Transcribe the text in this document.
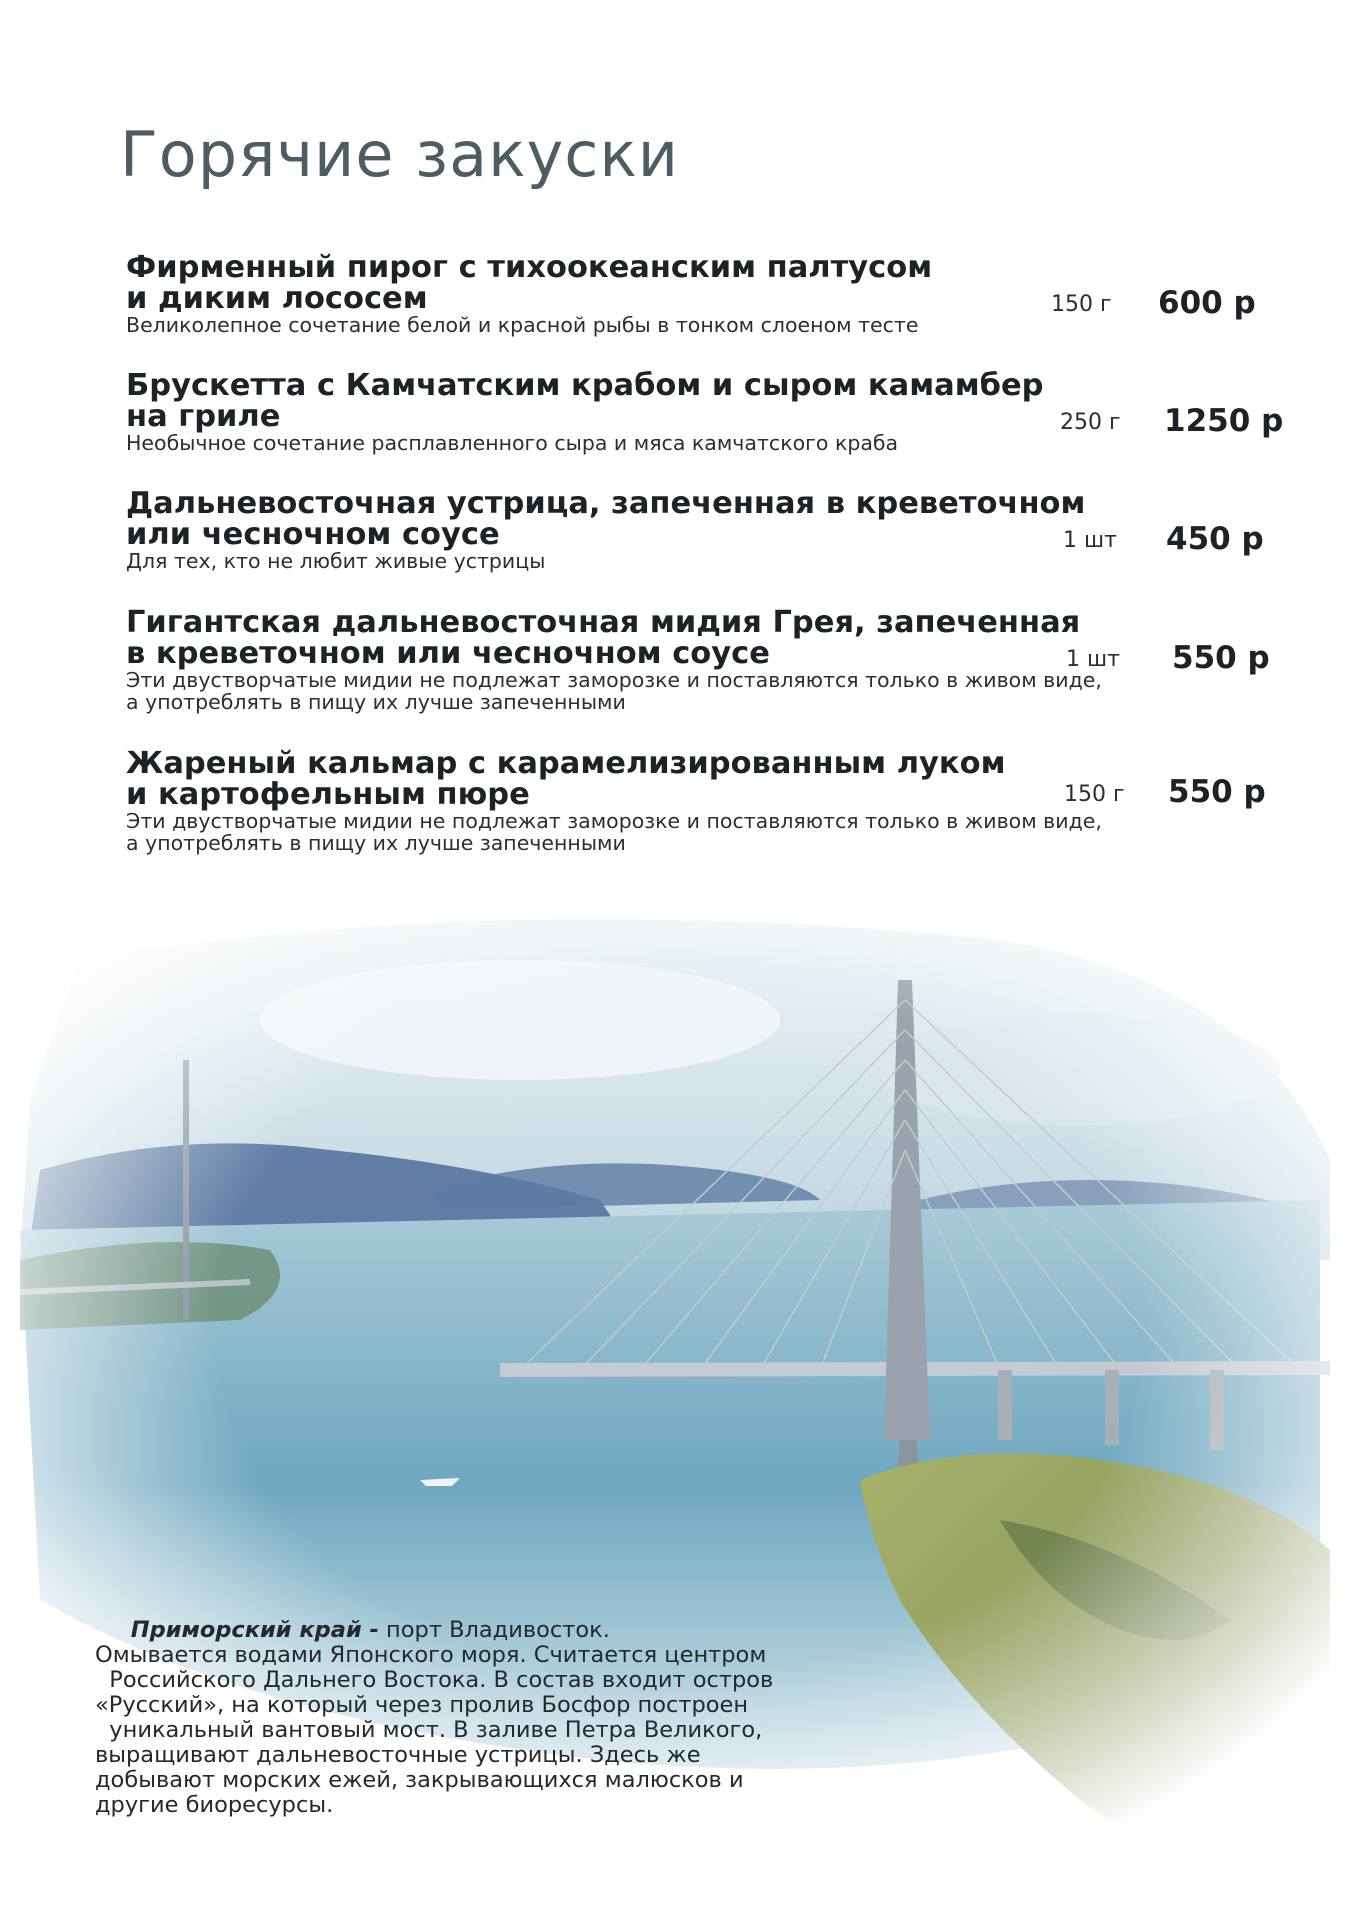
Горячие закуски

Фирменный пирог с тихоокеанским палтусом

и диким лососем

Великолепное сочетание белой и красной рыбы в тонком слоеном тесте

150 г 600 р

Брускетта с Камчатским крабом и сыром камамбер

на гриле

Необычное сочетание расплавленного сыра и мяса камчатского краба

250 г 1250 р

Дальневосточная устрица, запеченная в креветочном

или чесночном соусе

Для тех, кто не любит живые устрицы

1 шт 450 р

Гигантская дальневосточная мидия Грея, запеченная

в креветочном или чесночном соусе

Эти двустворчатые мидии не подлежат заморозке и поставляются только в живом виде,

а употреблять в пищу их лучше запеченными

1 шт 550 р

Жареный кальмар с карамелизированным луком

и картофельным пюре

Эти двустворчатые мидии не подлежат заморозке и поставляются только в живом виде,

а употреблять в пищу их лучше запеченными

150 г 550 р

Приморский край - порт Владивосток.

Омывается водами Японского моря. Считается центром

Российского Дальнего Востока. В состав входит остров

«Русский», на который через пролив Босфор построен

уникальный вантовый мост. В заливе Петра Великого,

выращивают дальневосточные устрицы. Здесь же

добывают морских ежей, закрывающихся малюсков и

другие биоресурсы.
